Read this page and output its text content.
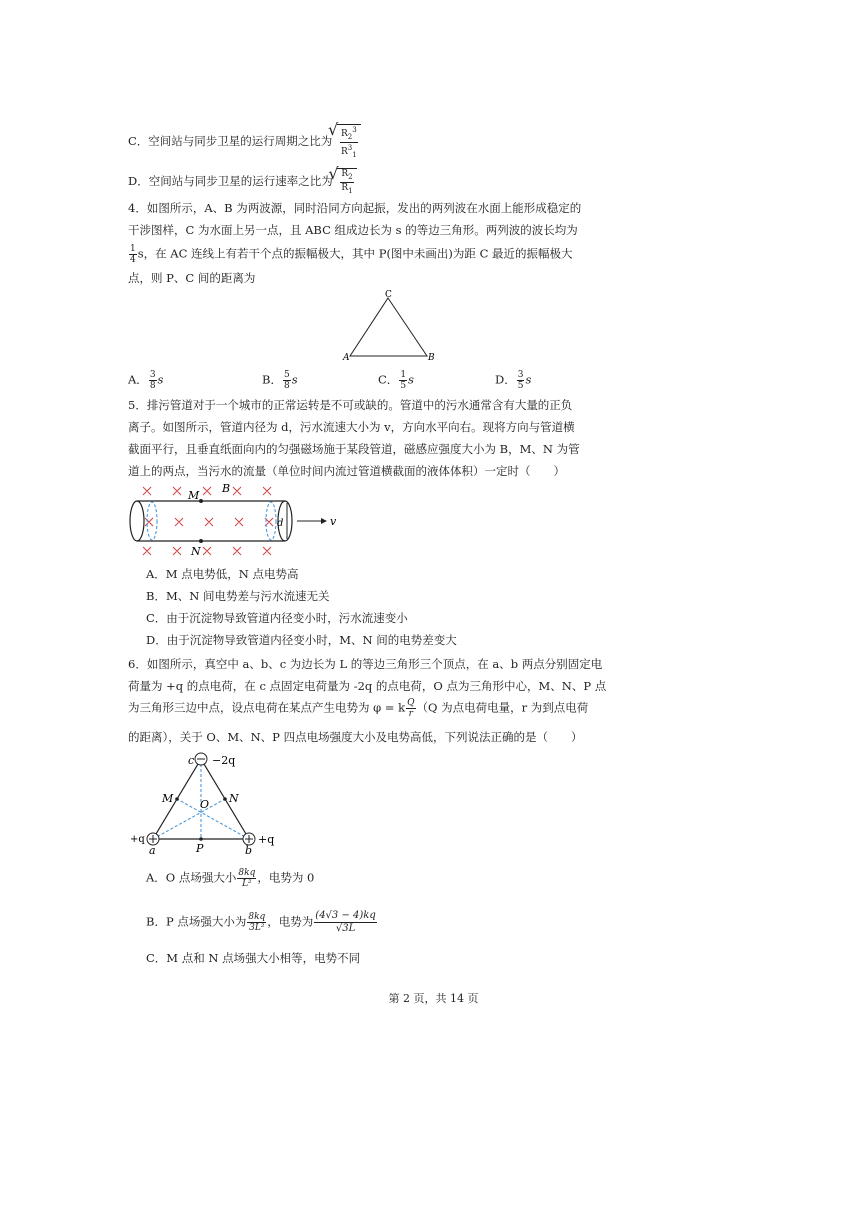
C．空间站与同步卫星的运行周期之比为 √ $\frac{R_2^3}{R^3_1}$
D．空间站与同步卫星的运行速率之比为 √ $\frac{R_2}{R_1}$
4．如图所示，A、B 为两波源，同时沿同方向起振，发出的两列波在水面上能形成稳定的
干涉图样，C 为水面上另一点，且 ABC 组成边长为 s 的等边三角形。两列波的波长均为
$\frac{1}{4}$ s，在 AC 连线上有若干个点的振幅极大，其中 P(图中未画出)为距 C 最近的振幅极大
点，则 P、C 间的距离为
C
A	B
A． $\frac{3}{8}$ s	B． $\frac{5}{8}$ s	C． $\frac{1}{5}$ s	D． $\frac{3}{5}$ s
5．排污管道对于一个城市的正常运转是不可或缺的。管道中的污水通常含有大量的正负
离子。如图所示，管道内径为 d，污水流速大小为 v，方向水平向右。现将方向与管道横
截面平行，且垂直纸面向内的匀强磁场施于某段管道，磁感应强度大小为 B，M、N 为管
道上的两点，当污水的流量（单位时间内流过管道横截面的液体体积）一定时（　　）
M
N
B
d	v
A．M 点电势低，N 点电势高
B．M、N 间电势差与污水流速无关
C．由于沉淀物导致管道内径变小时，污水流速变小
D．由于沉淀物导致管道内径变小时，M、N 间的电势差变大
6．如图所示，真空中 a、b、c 为边长为 L 的等边三角形三个顶点，在 a、b 两点分别固定电
荷量为 +q 的点电荷，在 c 点固定电荷量为 -2q 的点电荷，O 点为三角形中心，M、N、P 点
为三角形三边中点，设点电荷在某点产生电势为 φ = k $\frac{Q}{r} (Q$ 为点电荷电量，r 为到点电荷
的距离），关于 O、M、N、P 四点电场强度大小及电势高低，下列说法正确的是（　　）
c −2q
M	N
O
P
a
+q
b
+q
A．O 点场强大小 $\frac{8kq}{\text{L²}}$ ，电势为 0
B．P 点场强大小为 $\frac{8kq}{\text{3L²}}$ ，电势为 $\frac{(4√3 - 4)kq}{√3L}$
C．M 点和 N 点场强大小相等，电势不同
第 2 页，共 14 页
